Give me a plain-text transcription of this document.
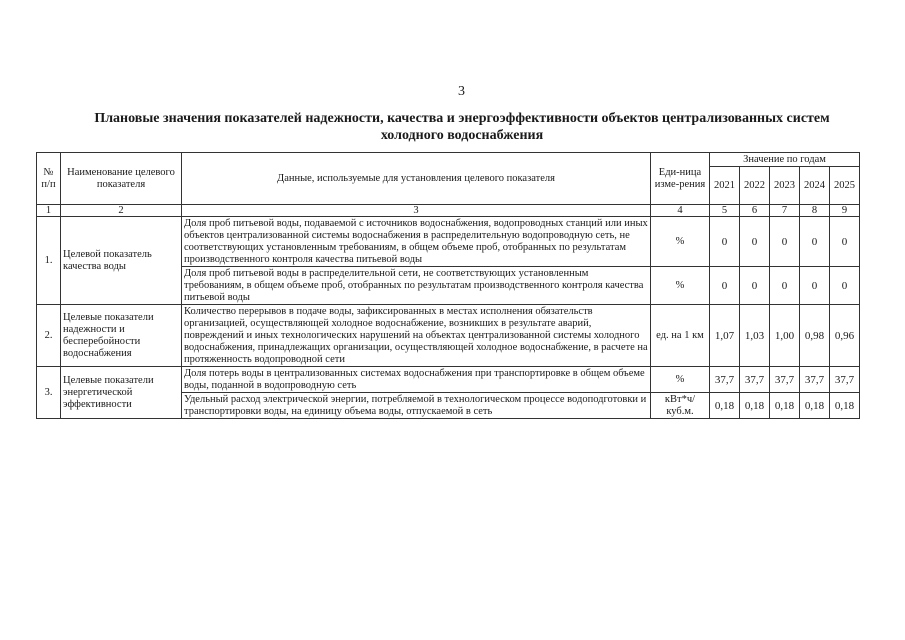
3
Плановые значения показателей надежности, качества и энергоэффективности объектов централизованных систем
холодного водоснабжения
№ п/п	Наименование целевого показателя	Данные, используемые для установления целевого показателя	Еди-ница изме-рения	Значение по годам				
				2021	2022	2023	2024	2025
1	2	3	4	5	6	7	8	9
1.	Целевой показатель качества воды	Доля проб питьевой воды, подаваемой с источников водоснабжения, водопроводных станций или иных объектов централизованной системы водоснабжения в распределительную водопроводную сеть, не соответствующих установленным требованиям, в общем объеме проб, отобранных по результатам производственного контроля качества питьевой воды	%	0	0	0	0	0
		Доля проб питьевой воды в распределительной сети, не соответствующих установленным требованиям, в общем объеме проб, отобранных по результатам производственного контроля качества питьевой воды	%	0	0	0	0	0
2.	Целевые показатели надежности и бесперебойности водоснабжения	Количество перерывов в подаче воды, зафиксированных в местах исполнения обязательств организацией, осуществляющей холодное водоснабжение, возникших в результате аварий, повреждений и иных технологических нарушений на объектах централизованной системы холодного водоснабжения, принадлежащих организации, осуществляющей холодное водоснабжение, в расчете на протяженность водопроводной сети	ед. на 1 км	1,07	1,03	1,00	0,98	0,96
3.	Целевые показатели энергетической эффективности	Доля потерь воды в централизованных системах водоснабжения при транспортировке в общем объеме воды, поданной в водопроводную сеть	%	37,7	37,7	37,7	37,7	37,7
		Удельный расход электрической энергии, потребляемой в технологическом процессе водоподготовки и транспортировки воды, на единицу объема воды, отпускаемой в сеть	кВт*ч/ куб.м.	0,18	0,18	0,18	0,18	0,18
